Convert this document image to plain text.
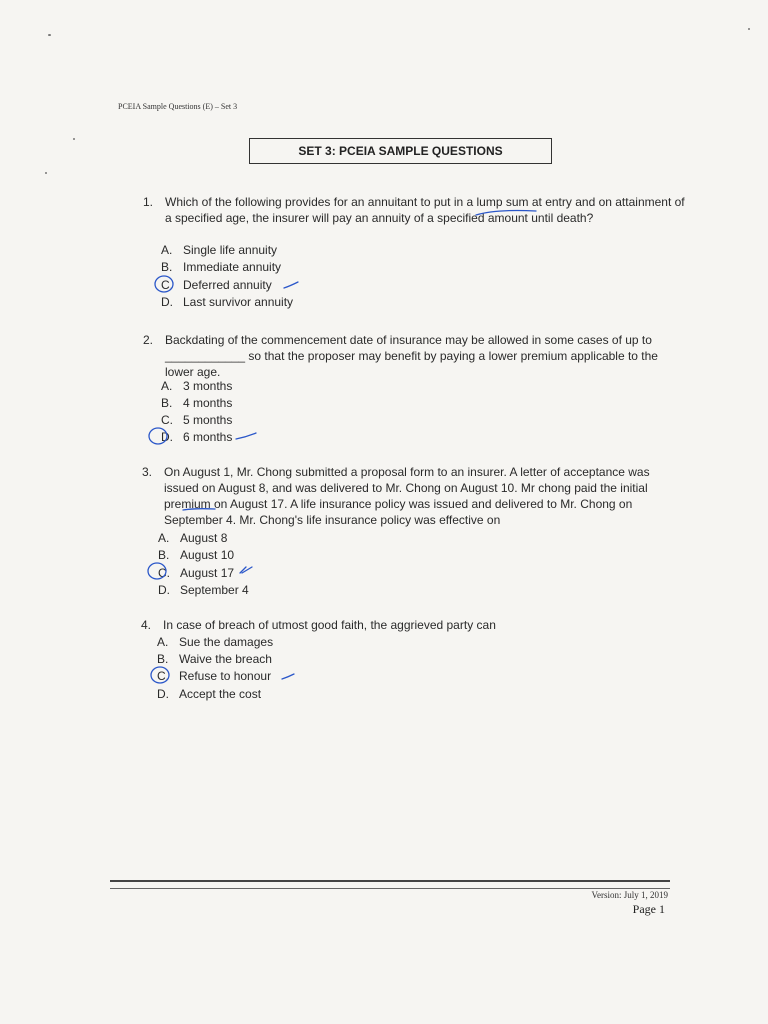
PCEIA Sample Questions (E) – Set 3
SET 3: PCEIA SAMPLE QUESTIONS
1. Which of the following provides for an annuitant to put in a lump sum at entry and on attainment of a specified age, the insurer will pay an annuity of a specified amount until death?
A. Single life annuity
B. Immediate annuity
C. Deferred annuity
D. Last survivor annuity
2. Backdating of the commencement date of insurance may be allowed in some cases of up to ____________ so that the proposer may benefit by paying a lower premium applicable to the lower age.
A. 3 months
B. 4 months
C. 5 months
D. 6 months
3. On August 1, Mr. Chong submitted a proposal form to an insurer. A letter of acceptance was issued on August 8, and was delivered to Mr. Chong on August 10. Mr chong paid the initial premium on August 17. A life insurance policy was issued and delivered to Mr. Chong on September 4. Mr. Chong's life insurance policy was effective on
A. August 8
B. August 10
C. August 17
D. September 4
4. In case of breach of utmost good faith, the aggrieved party can
A. Sue the damages
B. Waive the breach
C. Refuse to honour
D. Accept the cost
Version: July 1, 2019
Page 1
